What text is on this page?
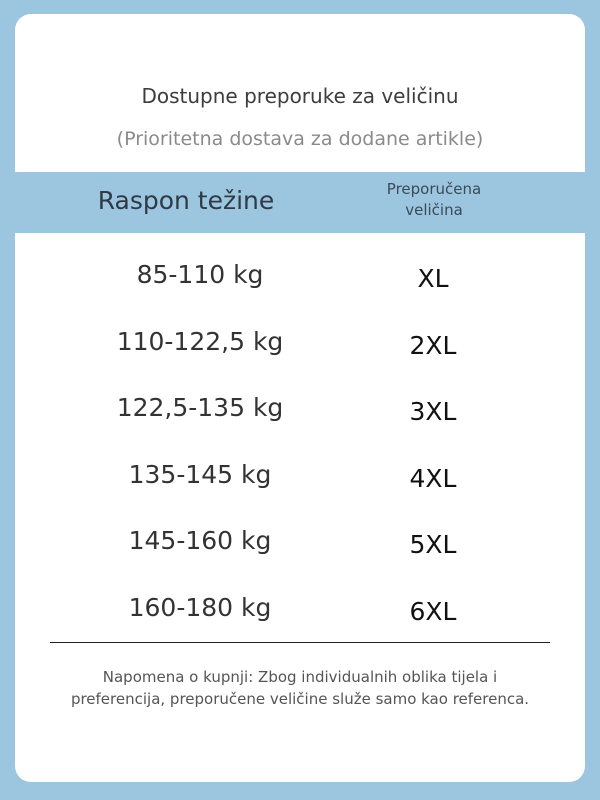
Dostupne preporuke za veličinu
(Prioritetna dostava za dodane artikle)
Raspon težine	Preporučena
veličina
85-110 kg	XL
110-122,5 kg	2XL
122,5-135 kg	3XL
135-145 kg	4XL
145-160 kg	5XL
160-180 kg	6XL
Napomena o kupnji: Zbog individualnih oblika tijela i
preferencija, preporučene veličine služe samo kao referenca.
